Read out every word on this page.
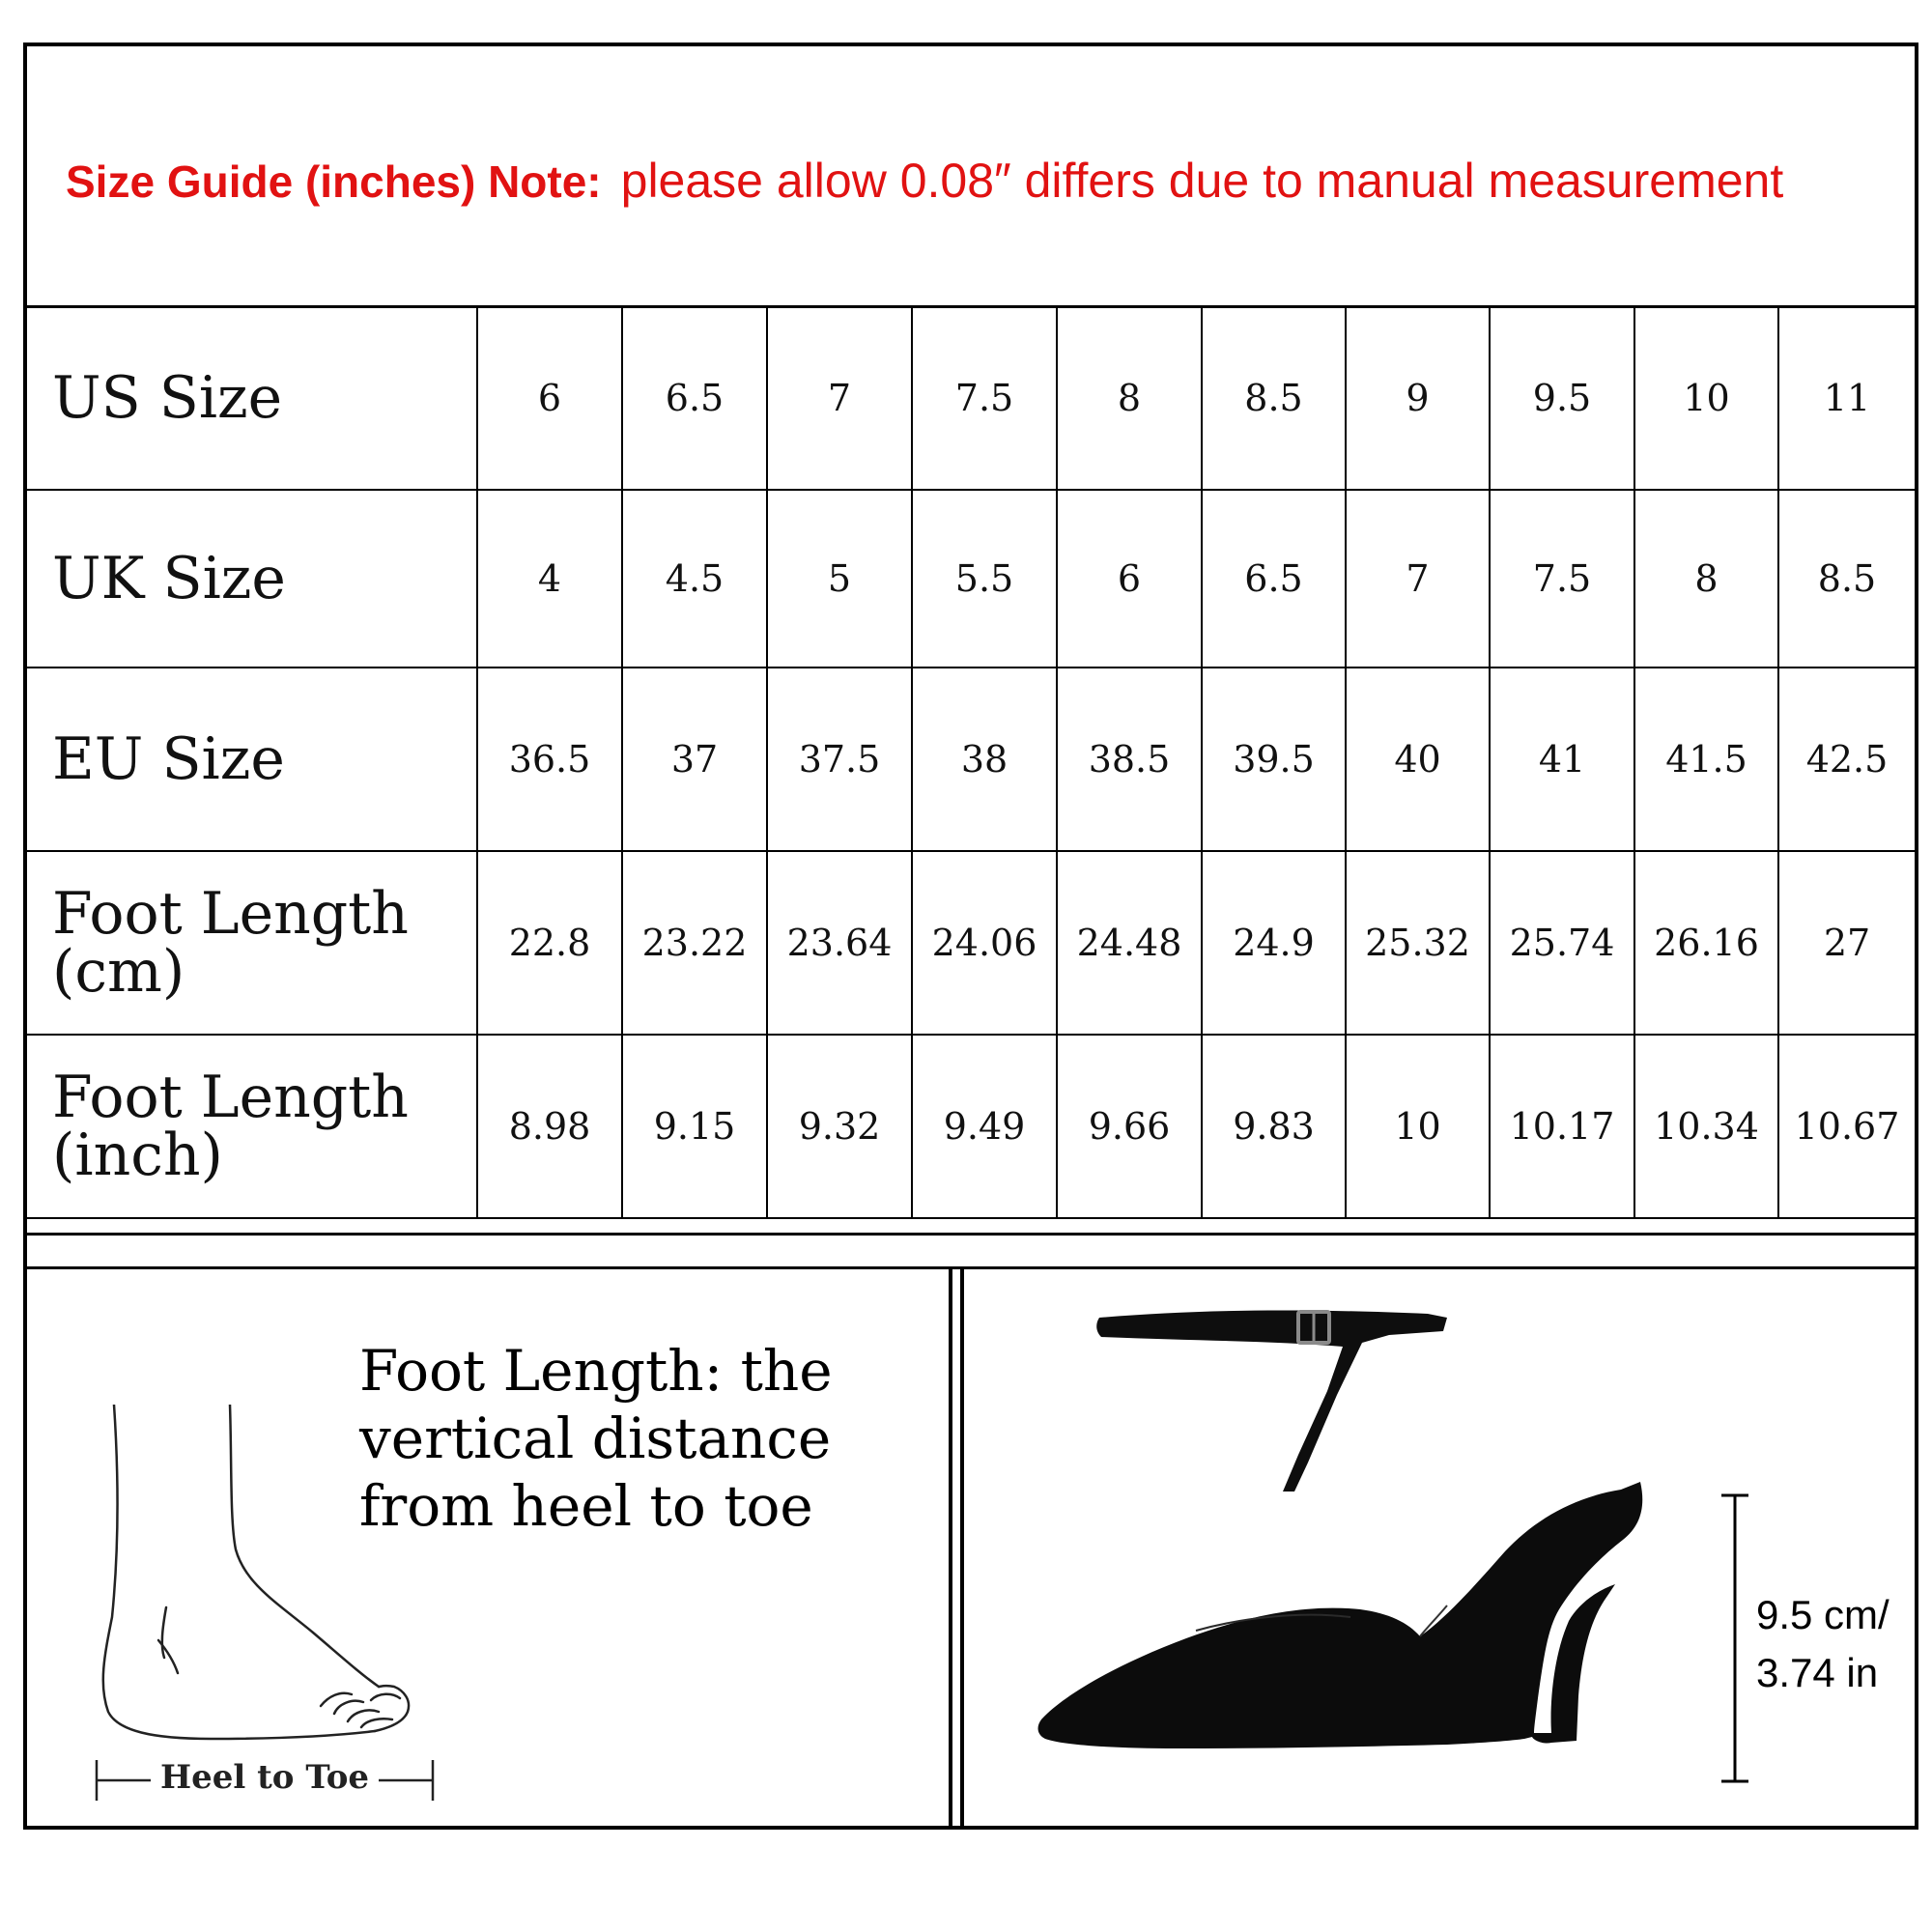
Size Guide (inches) Note: please allow 0.08″ differs due to manual measurement
US Size	6	6.5	7	7.5	8	8.5	9	9.5	10	11
UK Size	4	4.5	5	5.5	6	6.5	7	7.5	8	8.5
EU Size	36.5	37	37.5	38	38.5	39.5	40	41	41.5	42.5
Foot Length (cm)	22.8	23.22	23.64	24.06	24.48	24.9	25.32	25.74	26.16	27
Foot Length (inch)	8.98	9.15	9.32	9.49	9.66	9.83	10	10.17	10.34	10.67
Foot Length: the vertical distance from heel to toe
Heel to Toe
9.5 cm/
3.74 in
